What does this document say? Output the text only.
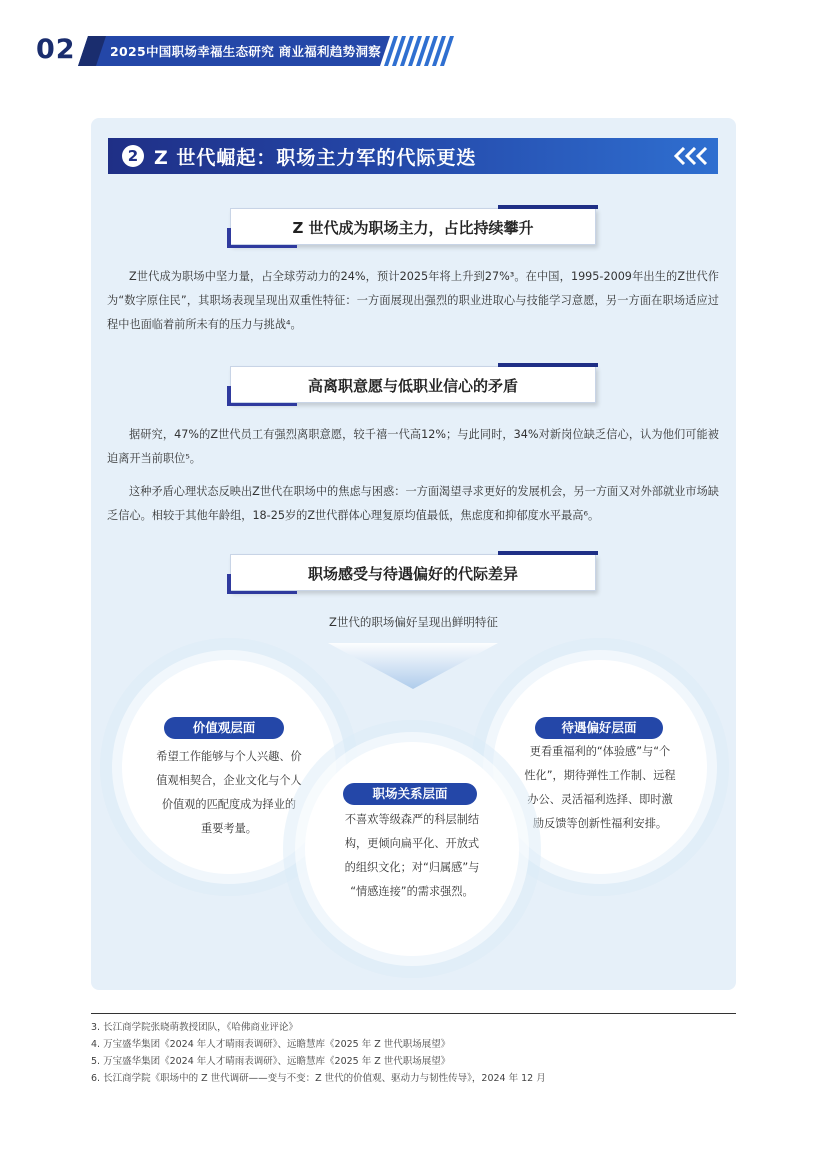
02	2025中国职场幸福生态研究 商业福利趋势洞察
2 Z 世代崛起：职场主力军的代际更迭
Z 世代成为职场主力，占比持续攀升
Z世代成为职场中坚力量，占全球劳动力的24%，预计2025年将上升到27%³。在中国，1995-2009年出生的Z世代作为“数字原住民”，其职场表现呈现出双重性特征：一方面展现出强烈的职业进取心与技能学习意愿，另一方面在职场适应过程中也面临着前所未有的压力与挑战⁴。
高离职意愿与低职业信心的矛盾
据研究，47%的Z世代员工有强烈离职意愿，较千禧一代高12%；与此同时，34%对新岗位缺乏信心，认为他们可能被迫离开当前职位⁵。
这种矛盾心理状态反映出Z世代在职场中的焦虑与困惑：一方面渴望寻求更好的发展机会，另一方面又对外部就业市场缺乏信心。相较于其他年龄组，18-25岁的Z世代群体心理复原均值最低，焦虑度和抑郁度水平最高⁶。
职场感受与待遇偏好的代际差异
Z世代的职场偏好呈现出鲜明特征
价值观层面
希望工作能够与个人兴趣、价
值观相契合，企业文化与个人
价值观的匹配度成为择业的
重要考量。
待遇偏好层面
更看重福利的“体验感”与“个
性化”，期待弹性工作制、远程
办公、灵活福利选择、即时激
励反馈等创新性福利安排。
职场关系层面
不喜欢等级森严的科层制结
构，更倾向扁平化、开放式
的组织文化；对“归属感”与
“情感连接”的需求强烈。
3. 长江商学院张晓萌教授团队，《哈佛商业评论》
4. 万宝盛华集团《2024 年人才晴雨表调研》、远瞻慧库《2025 年 Z 世代职场展望》
5. 万宝盛华集团《2024 年人才晴雨表调研》、远瞻慧库《2025 年 Z 世代职场展望》
6. 长江商学院《职场中的 Z 世代调研——变与不变：Z 世代的价值观、驱动力与韧性传导》，2024 年 12 月
